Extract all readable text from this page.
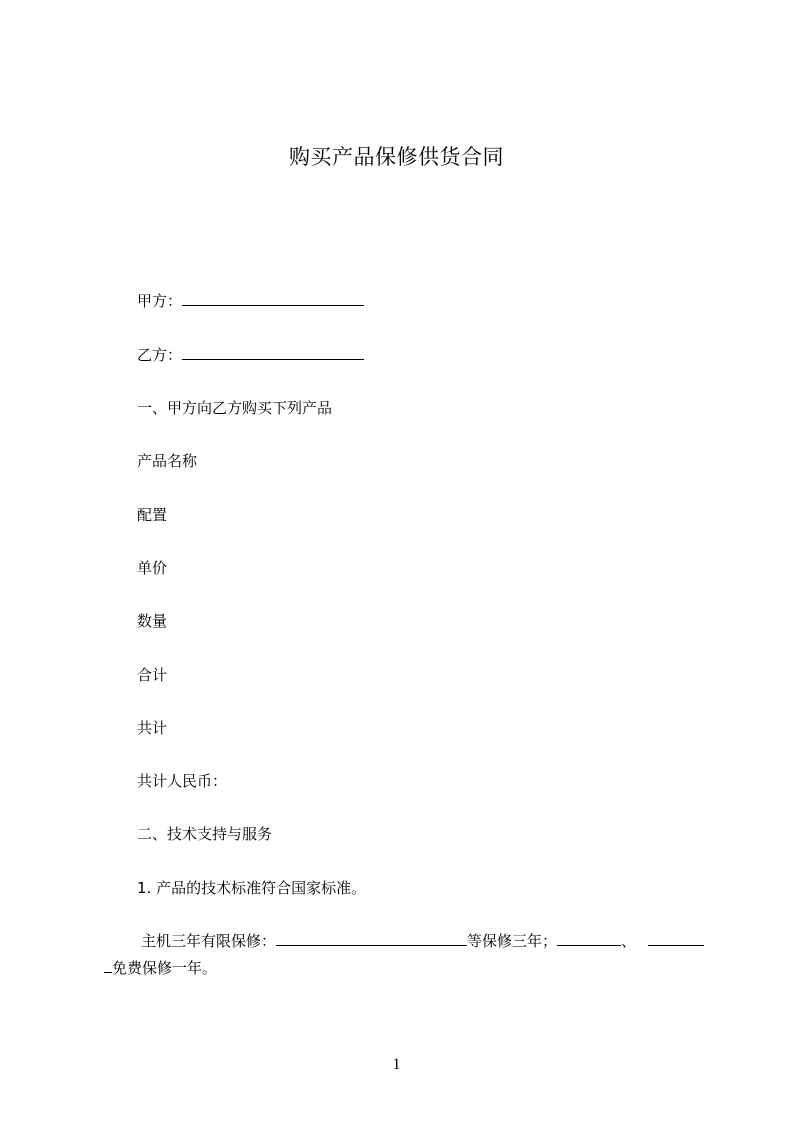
购买产品保修供货合同
甲方：
乙方：
一、甲方向乙方购买下列产品
产品名称
配置
单价
数量
合计
共计
共计人民币：
二、技术支持与服务
1. 产品的技术标准符合国家标准。
主机三年有限保修：	等保修三年；	、
免费保修一年。
1
